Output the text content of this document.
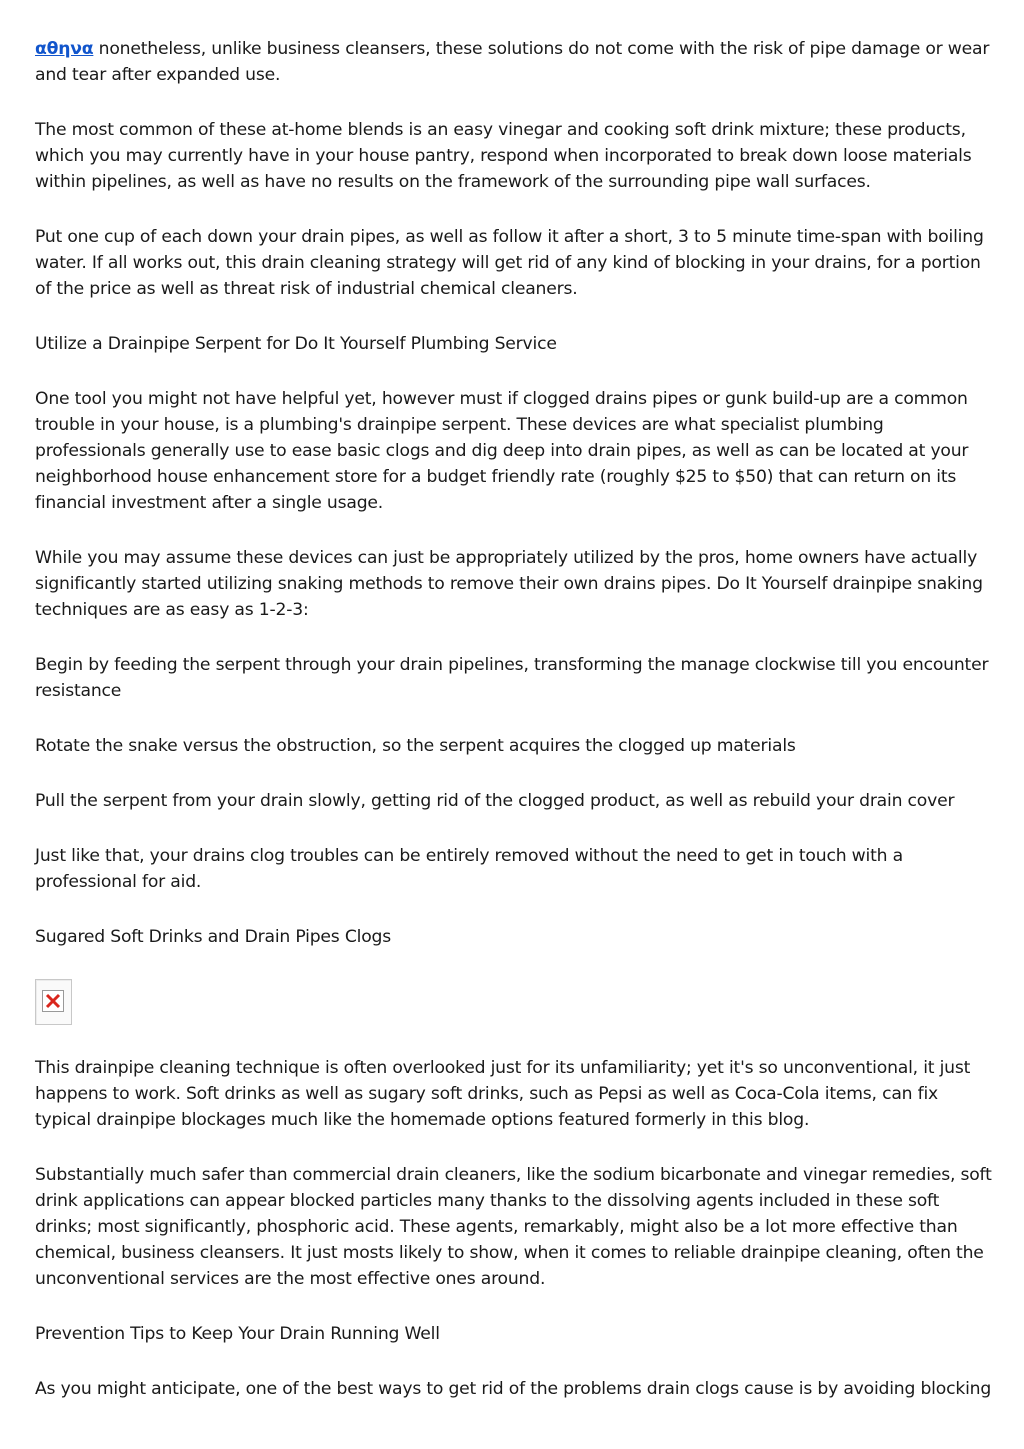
αθηνα nonetheless, unlike business cleansers, these solutions do not come with the risk of pipe damage or wear and tear after expanded use.

The most common of these at-home blends is an easy vinegar and cooking soft drink mixture; these products, which you may currently have in your house pantry, respond when incorporated to break down loose materials within pipelines, as well as have no results on the framework of the surrounding pipe wall surfaces.

Put one cup of each down your drain pipes, as well as follow it after a short, 3 to 5 minute time-span with boiling water. If all works out, this drain cleaning strategy will get rid of any kind of blocking in your drains, for a portion of the price as well as threat risk of industrial chemical cleaners.

Utilize a Drainpipe Serpent for Do It Yourself Plumbing Service

One tool you might not have helpful yet, however must if clogged drains pipes or gunk build-up are a common trouble in your house, is a plumbing's drainpipe serpent. These devices are what specialist plumbing professionals generally use to ease basic clogs and dig deep into drain pipes, as well as can be located at your neighborhood house enhancement store for a budget friendly rate (roughly $25 to $50) that can return on its financial investment after a single usage.

While you may assume these devices can just be appropriately utilized by the pros, home owners have actually significantly started utilizing snaking methods to remove their own drains pipes. Do It Yourself drainpipe snaking techniques are as easy as 1-2-3:

Begin by feeding the serpent through your drain pipelines, transforming the manage clockwise till you encounter resistance

Rotate the snake versus the obstruction, so the serpent acquires the clogged up materials

Pull the serpent from your drain slowly, getting rid of the clogged product, as well as rebuild your drain cover

Just like that, your drains clog troubles can be entirely removed without the need to get in touch with a professional for aid.

Sugared Soft Drinks and Drain Pipes Clogs

This drainpipe cleaning technique is often overlooked just for its unfamiliarity; yet it's so unconventional, it just happens to work. Soft drinks as well as sugary soft drinks, such as Pepsi as well as Coca-Cola items, can fix typical drainpipe blockages much like the homemade options featured formerly in this blog.

Substantially much safer than commercial drain cleaners, like the sodium bicarbonate and vinegar remedies, soft drink applications can appear blocked particles many thanks to the dissolving agents included in these soft drinks; most significantly, phosphoric acid. These agents, remarkably, might also be a lot more effective than chemical, business cleansers. It just mosts likely to show, when it comes to reliable drainpipe cleaning, often the unconventional services are the most effective ones around.

Prevention Tips to Keep Your Drain Running Well

As you might anticipate, one of the best ways to get rid of the problems drain clogs cause is by avoiding blocking
